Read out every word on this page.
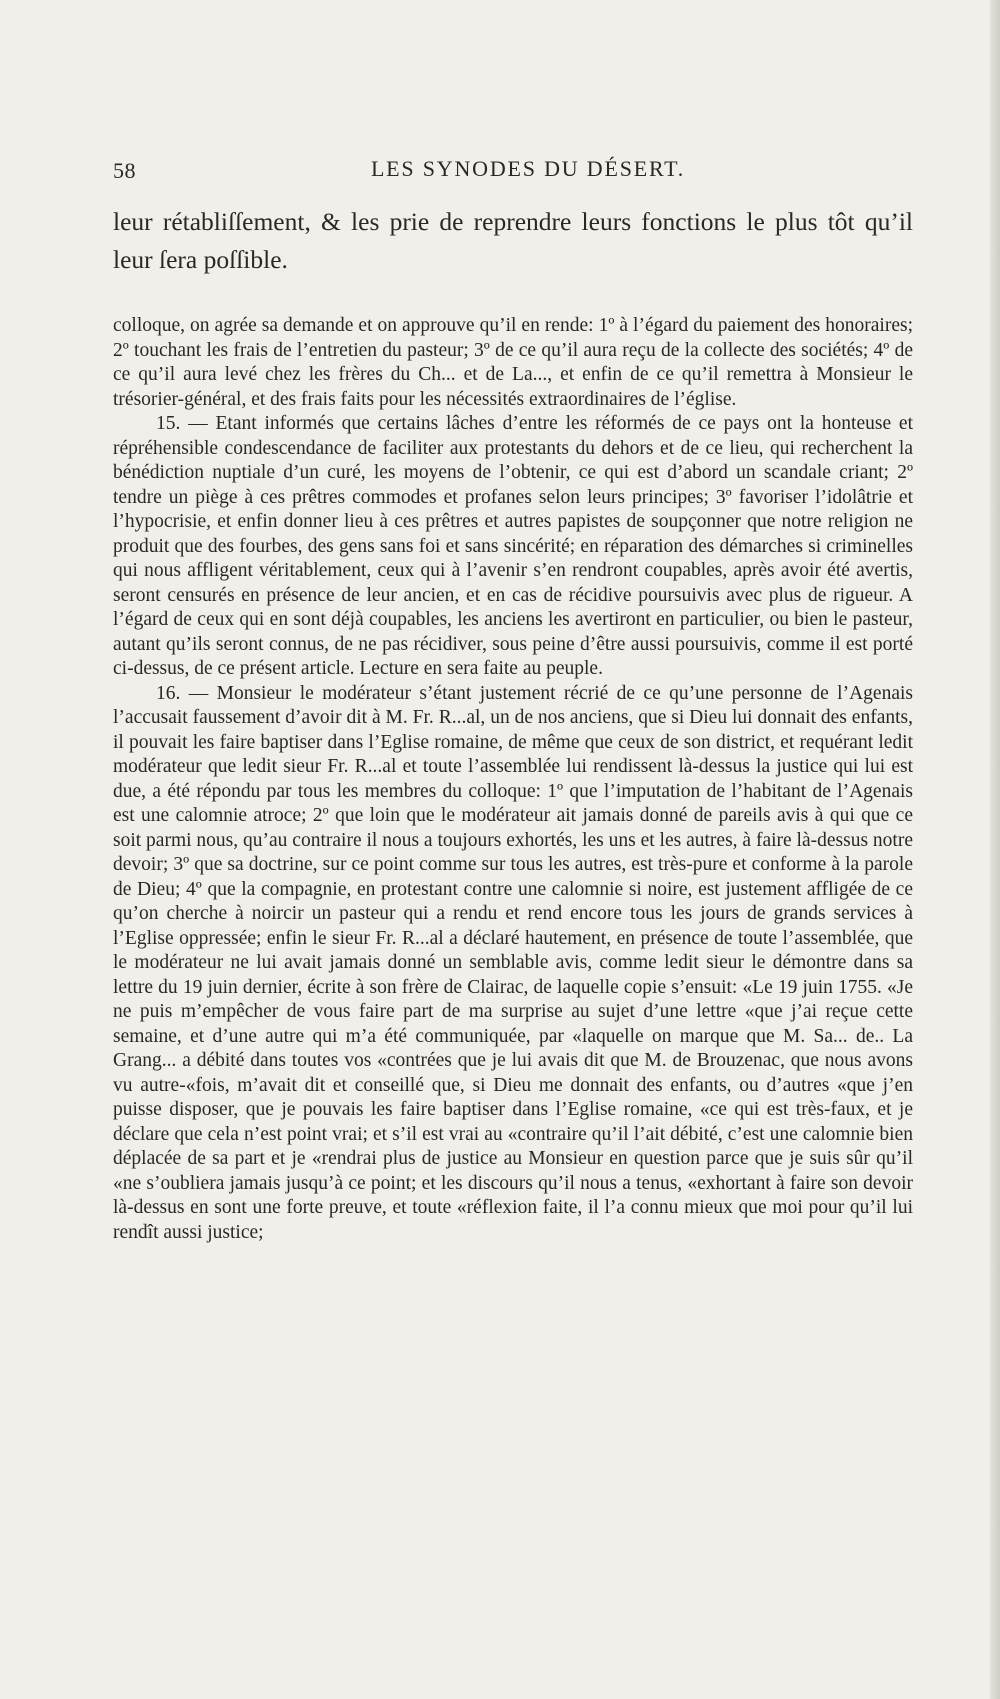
58	LES SYNODES DU DÉSERT.
leur rétabliſſement, & les prie de reprendre leurs fonctions le plus tôt qu’il leur ſera poſſible.

colloque, on agrée sa demande et on approuve qu’il en rende: 1º à l’égard du paiement des honoraires; 2º touchant les frais de l’entretien du pasteur; 3º de ce qu’il aura reçu de la collecte des sociétés; 4º de ce qu’il aura levé chez les frères du Ch... et de La..., et enfin de ce qu’il remettra à Monsieur le trésorier-général, et des frais faits pour les nécessités extraordinaires de l’église.

15. — Etant informés que certains lâches d’entre les réformés de ce pays ont la honteuse et répréhensible condescendance de faciliter aux protestants du dehors et de ce lieu, qui recherchent la bénédiction nuptiale d’un curé, les moyens de l’obtenir, ce qui est d’abord un scandale criant; 2º tendre un piège à ces prêtres commodes et profanes selon leurs principes; 3º favoriser l’idolâtrie et l’hypocrisie, et enfin donner lieu à ces prêtres et autres papistes de soupçonner que notre religion ne produit que des fourbes, des gens sans foi et sans sincérité; en réparation des démarches si criminelles qui nous affligent véritablement, ceux qui à l’avenir s’en rendront coupables, après avoir été avertis, seront censurés en présence de leur ancien, et en cas de récidive poursuivis avec plus de rigueur. A l’égard de ceux qui en sont déjà coupables, les anciens les avertiront en particulier, ou bien le pasteur, autant qu’ils seront connus, de ne pas récidiver, sous peine d’être aussi poursuivis, comme il est porté ci-dessus, de ce présent article. Lecture en sera faite au peuple.

16. — Monsieur le modérateur s’étant justement récrié de ce qu’une personne de l’Agenais l’accusait faussement d’avoir dit à M. Fr. R...al, un de nos anciens, que si Dieu lui donnait des enfants, il pouvait les faire baptiser dans l’Eglise romaine, de même que ceux de son district, et requérant ledit modérateur que ledit sieur Fr. R...al et toute l’assemblée lui rendissent là-dessus la justice qui lui est due, a été répondu par tous les membres du colloque: 1º que l’imputation de l’habitant de l’Agenais est une calomnie atroce; 2º que loin que le modérateur ait jamais donné de pareils avis à qui que ce soit parmi nous, qu’au contraire il nous a toujours exhortés, les uns et les autres, à faire là-dessus notre devoir; 3º que sa doctrine, sur ce point comme sur tous les autres, est très-pure et conforme à la parole de Dieu; 4º que la compagnie, en protestant contre une calomnie si noire, est justement affligée de ce qu’on cherche à noircir un pasteur qui a rendu et rend encore tous les jours de grands services à l’Eglise oppressée; enfin le sieur Fr. R...al a déclaré hautement, en présence de toute l’assemblée, que le modérateur ne lui avait jamais donné un semblable avis, comme ledit sieur le démontre dans sa lettre du 19 juin dernier, écrite à son frère de Clairac, de laquelle copie s’ensuit: «Le 19 juin 1755. «Je ne puis m’empêcher de vous faire part de ma surprise au sujet d’une lettre «que j’ai reçue cette semaine, et d’une autre qui m’a été communiquée, par «laquelle on marque que M. Sa... de.. La Grang... a débité dans toutes vos «contrées que je lui avais dit que M. de Brouzenac, que nous avons vu autre-«fois, m’avait dit et conseillé que, si Dieu me donnait des enfants, ou d’autres «que j’en puisse disposer, que je pouvais les faire baptiser dans l’Eglise romaine, «ce qui est très-faux, et je déclare que cela n’est point vrai; et s’il est vrai au «contraire qu’il l’ait débité, c’est une calomnie bien déplacée de sa part et je «rendrai plus de justice au Monsieur en question parce que je suis sûr qu’il «ne s’oubliera jamais jusqu’à ce point; et les discours qu’il nous a tenus, «exhortant à faire son devoir là-dessus en sont une forte preuve, et toute «réflexion faite, il l’a connu mieux que moi pour qu’il lui rendît aussi justice;
